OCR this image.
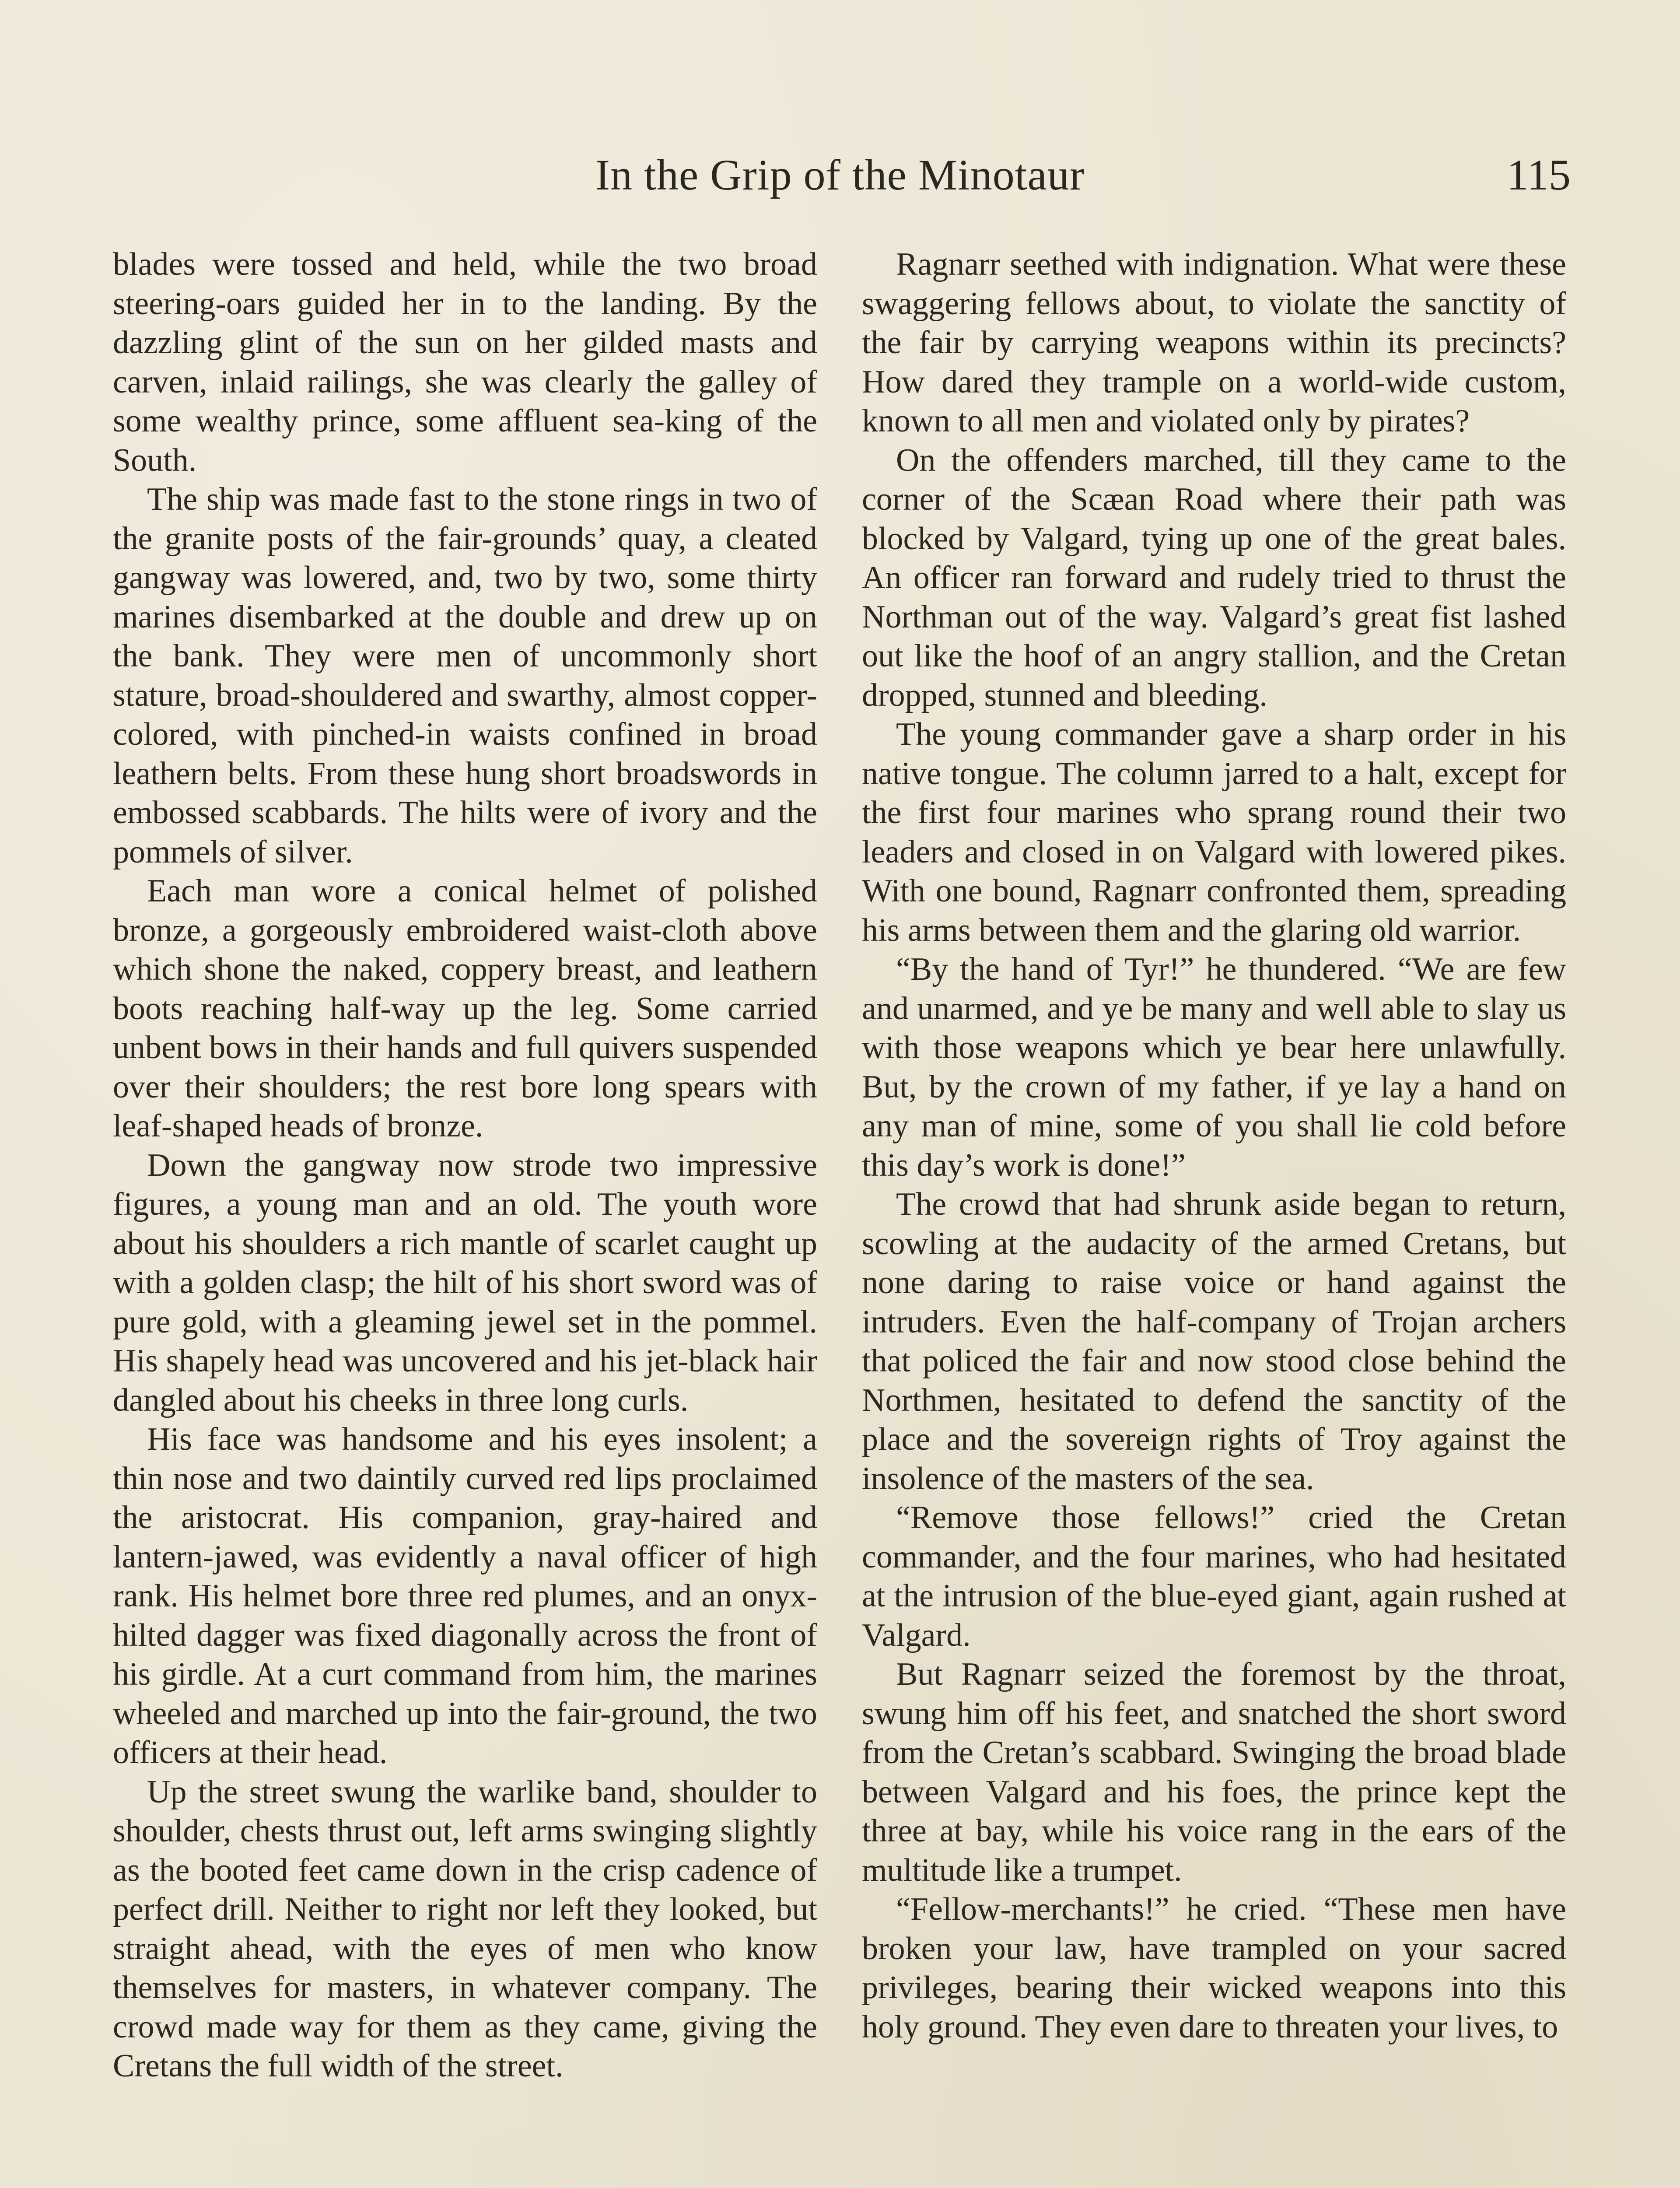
In the Grip of the Minotaur	115

blades were tossed and held, while the two broad steering-oars guided her in to the landing. By the dazzling glint of the sun on her gilded masts and carven, inlaid railings, she was clearly the galley of some wealthy prince, some affluent sea-king of the South.

The ship was made fast to the stone rings in two of the granite posts of the fair-grounds’ quay, a cleated gangway was lowered, and, two by two, some thirty marines disembarked at the double and drew up on the bank. They were men of uncommonly short stature, broad-shouldered and swarthy, almost copper-colored, with pinched-in waists confined in broad leathern belts. From these hung short broadswords in embossed scabbards. The hilts were of ivory and the pommels of silver.

Each man wore a conical helmet of polished bronze, a gorgeously embroidered waist-cloth above which shone the naked, coppery breast, and leathern boots reaching half-way up the leg. Some carried unbent bows in their hands and full quivers suspended over their shoulders; the rest bore long spears with leaf-shaped heads of bronze.

Down the gangway now strode two impressive figures, a young man and an old. The youth wore about his shoulders a rich mantle of scarlet caught up with a golden clasp; the hilt of his short sword was of pure gold, with a gleaming jewel set in the pommel. His shapely head was uncovered and his jet-black hair dangled about his cheeks in three long curls.

His face was handsome and his eyes insolent; a thin nose and two daintily curved red lips proclaimed the aristocrat. His companion, gray-haired and lantern-jawed, was evidently a naval officer of high rank. His helmet bore three red plumes, and an onyx-hilted dagger was fixed diagonally across the front of his girdle. At a curt command from him, the marines wheeled and marched up into the fair-ground, the two officers at their head.

Up the street swung the warlike band, shoulder to shoulder, chests thrust out, left arms swinging slightly as the booted feet came down in the crisp cadence of perfect drill. Neither to right nor left they looked, but straight ahead, with the eyes of men who know themselves for masters, in whatever company. The crowd made way for them as they came, giving the Cretans the full width of the street.

Ragnarr seethed with indignation. What were these swaggering fellows about, to violate the sanctity of the fair by carrying weapons within its precincts? How dared they trample on a world-wide custom, known to all men and violated only by pirates?

On the offenders marched, till they came to the corner of the Scæan Road where their path was blocked by Valgard, tying up one of the great bales. An officer ran forward and rudely tried to thrust the Northman out of the way. Valgard’s great fist lashed out like the hoof of an angry stallion, and the Cretan dropped, stunned and bleeding.

The young commander gave a sharp order in his native tongue. The column jarred to a halt, except for the first four marines who sprang round their two leaders and closed in on Valgard with lowered pikes. With one bound, Ragnarr confronted them, spreading his arms between them and the glaring old warrior.

“By the hand of Tyr!” he thundered. “We are few and unarmed, and ye be many and well able to slay us with those weapons which ye bear here unlawfully. But, by the crown of my father, if ye lay a hand on any man of mine, some of you shall lie cold before this day’s work is done!”

The crowd that had shrunk aside began to return, scowling at the audacity of the armed Cretans, but none daring to raise voice or hand against the intruders. Even the half-company of Trojan archers that policed the fair and now stood close behind the Northmen, hesitated to defend the sanctity of the place and the sovereign rights of Troy against the insolence of the masters of the sea.

“Remove those fellows!” cried the Cretan commander, and the four marines, who had hesitated at the intrusion of the blue-eyed giant, again rushed at Valgard.

But Ragnarr seized the foremost by the throat, swung him off his feet, and snatched the short sword from the Cretan’s scabbard. Swinging the broad blade between Valgard and his foes, the prince kept the three at bay, while his voice rang in the ears of the multitude like a trumpet.

“Fellow-merchants!” he cried. “These men have broken your law, have trampled on your sacred privileges, bearing their wicked weapons into this holy ground. They even dare to threaten your lives, to
